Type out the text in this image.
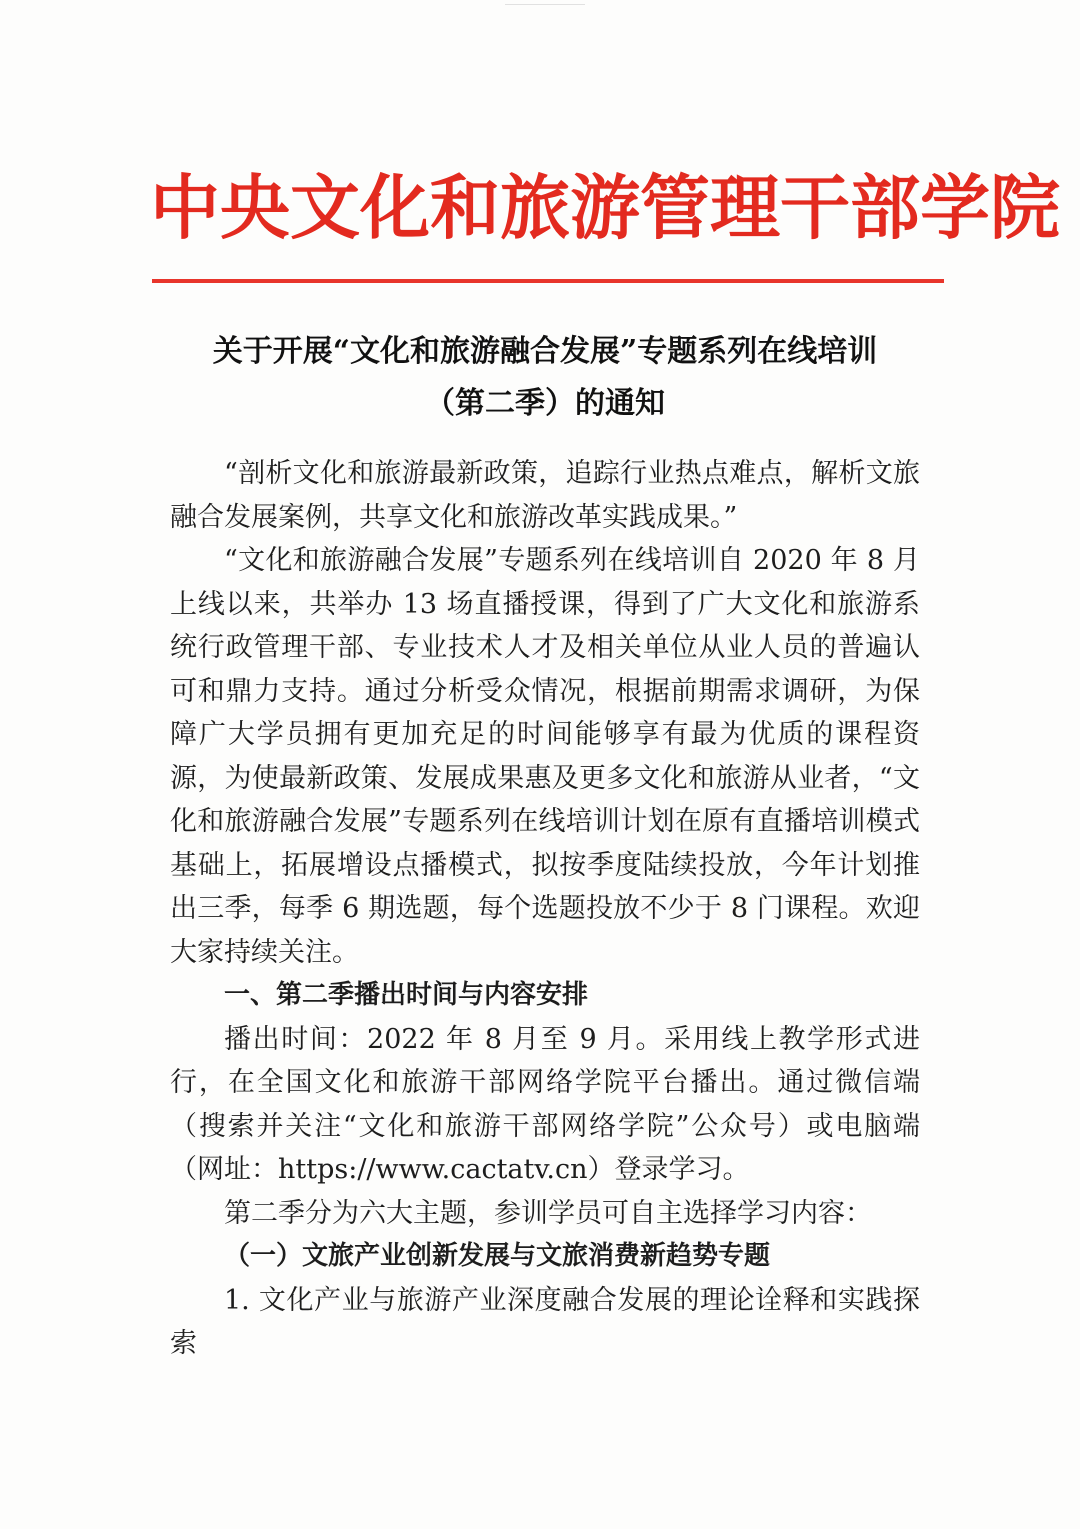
中央文化和旅游管理干部学院
关于开展“文化和旅游融合发展”专题系列在线培训
（第二季）的通知

“剖析文化和旅游最新政策，追踪行业热点难点，解析文旅融合发展案例，共享文化和旅游改革实践成果。”

“文化和旅游融合发展”专题系列在线培训自 2020 年 8 月上线以来，共举办 13 场直播授课，得到了广大文化和旅游系统行政管理干部、专业技术人才及相关单位从业人员的普遍认可和鼎力支持。通过分析受众情况，根据前期需求调研，为保障广大学员拥有更加充足的时间能够享有最为优质的课程资源，为使最新政策、发展成果惠及更多文化和旅游从业者，“文化和旅游融合发展”专题系列在线培训计划在原有直播培训模式基础上，拓展增设点播模式，拟按季度陆续投放，今年计划推出三季，每季 6 期选题，每个选题投放不少于 8 门课程。欢迎大家持续关注。

一、第二季播出时间与内容安排

播出时间：2022 年 8 月至 9 月。采用线上教学形式进行，在全国文化和旅游干部网络学院平台播出。通过微信端（搜索并关注“文化和旅游干部网络学院”公众号）或电脑端（网址：https://www.cactatv.cn）登录学习。

第二季分为六大主题，参训学员可自主选择学习内容：

（一）文旅产业创新发展与文旅消费新趋势专题

1. 文化产业与旅游产业深度融合发展的理论诠释和实践探索
